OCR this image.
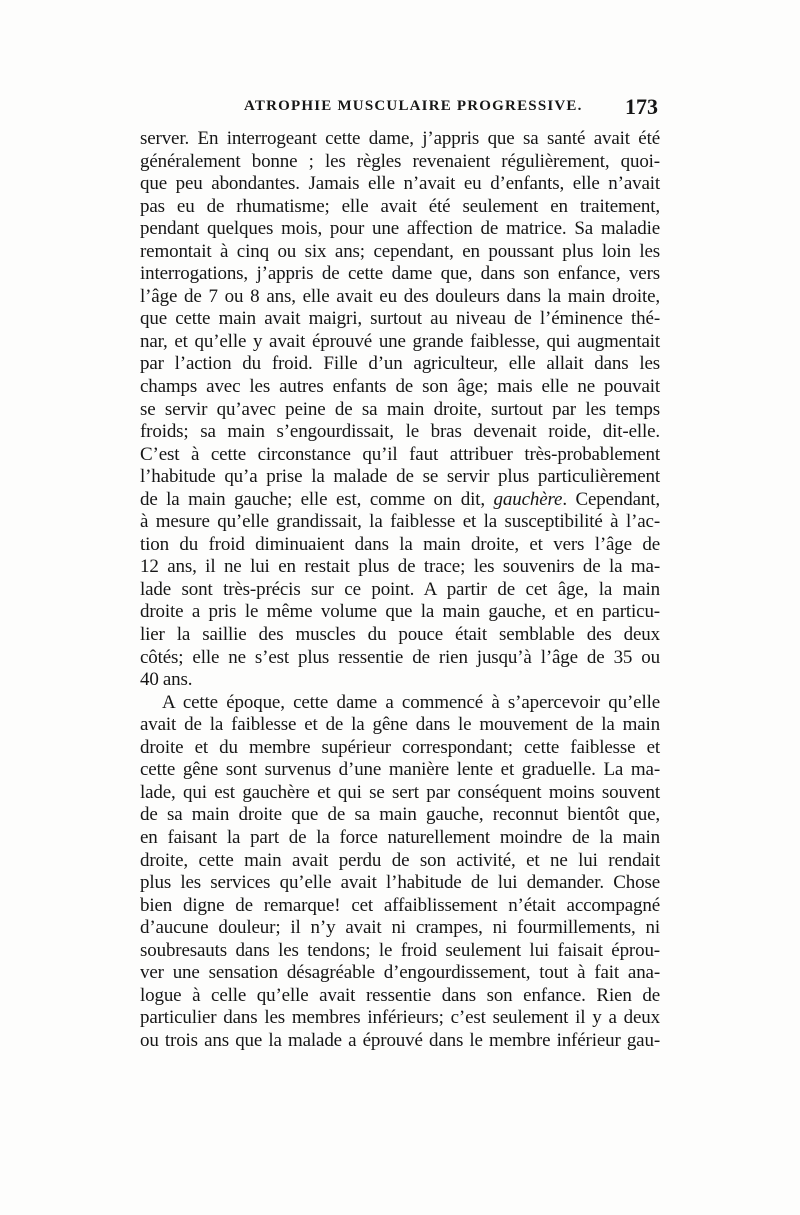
ATROPHIE MUSCULAIRE PROGRESSIVE. 173
server. En interrogeant cette dame, j’appris que sa santé avait été
généralement bonne ; les règles revenaient régulièrement, quoi-
que peu abondantes. Jamais elle n’avait eu d’enfants, elle n’avait
pas eu de rhumatisme; elle avait été seulement en traitement,
pendant quelques mois, pour une affection de matrice. Sa maladie
remontait à cinq ou six ans; cependant, en poussant plus loin les
interrogations, j’appris de cette dame que, dans son enfance, vers
l’âge de 7 ou 8 ans, elle avait eu des douleurs dans la main droite,
que cette main avait maigri, surtout au niveau de l’éminence thé-
nar, et qu’elle y avait éprouvé une grande faiblesse, qui augmentait
par l’action du froid. Fille d’un agriculteur, elle allait dans les
champs avec les autres enfants de son âge; mais elle ne pouvait
se servir qu’avec peine de sa main droite, surtout par les temps
froids; sa main s’engourdissait, le bras devenait roide, dit-elle.
C’est à cette circonstance qu’il faut attribuer très-probablement
l’habitude qu’a prise la malade de se servir plus particulièrement
de la main gauche; elle est, comme on dit, gauchère. Cependant,
à mesure qu’elle grandissait, la faiblesse et la susceptibilité à l’ac-
tion du froid diminuaient dans la main droite, et vers l’âge de
12 ans, il ne lui en restait plus de trace; les souvenirs de la ma-
lade sont très-précis sur ce point. A partir de cet âge, la main
droite a pris le même volume que la main gauche, et en particu-
lier la saillie des muscles du pouce était semblable des deux
côtés; elle ne s’est plus ressentie de rien jusqu’à l’âge de 35 ou
40 ans.
A cette époque, cette dame a commencé à s’apercevoir qu’elle
avait de la faiblesse et de la gêne dans le mouvement de la main
droite et du membre supérieur correspondant; cette faiblesse et
cette gêne sont survenus d’une manière lente et graduelle. La ma-
lade, qui est gauchère et qui se sert par conséquent moins souvent
de sa main droite que de sa main gauche, reconnut bientôt que,
en faisant la part de la force naturellement moindre de la main
droite, cette main avait perdu de son activité, et ne lui rendait
plus les services qu’elle avait l’habitude de lui demander. Chose
bien digne de remarque! cet affaiblissement n’était accompagné
d’aucune douleur; il n’y avait ni crampes, ni fourmillements, ni
soubresauts dans les tendons; le froid seulement lui faisait éprou-
ver une sensation désagréable d’engourdissement, tout à fait ana-
logue à celle qu’elle avait ressentie dans son enfance. Rien de
particulier dans les membres inférieurs; c’est seulement il y a deux
ou trois ans que la malade a éprouvé dans le membre inférieur gau-
